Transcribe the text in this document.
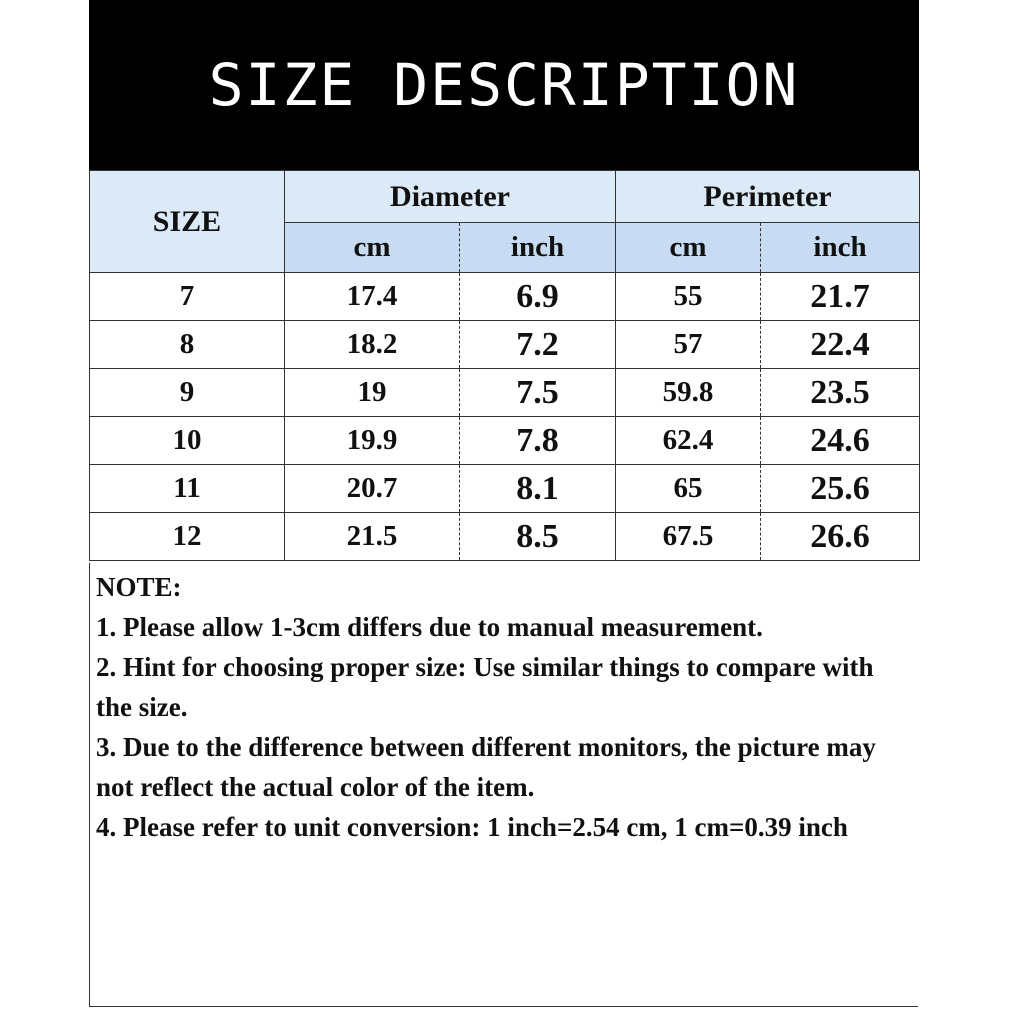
SIZE DESCRIPTION
SIZE	Diameter		Perimeter	
	cm	inch	cm	inch
7	17.4	6.9	55	21.7
8	18.2	7.2	57	22.4
9	19	7.5	59.8	23.5
10	19.9	7.8	62.4	24.6
11	20.7	8.1	65	25.6
12	21.5	8.5	67.5	26.6

NOTE:

1. Please allow 1-3cm differs due to manual measurement.

2. Hint for choosing proper size: Use similar things to compare with the size.

3. Due to the difference between different monitors, the picture may not reflect the actual color of the item.

4. Please refer to unit conversion: 1 inch=2.54 cm, 1 cm=0.39 inch
